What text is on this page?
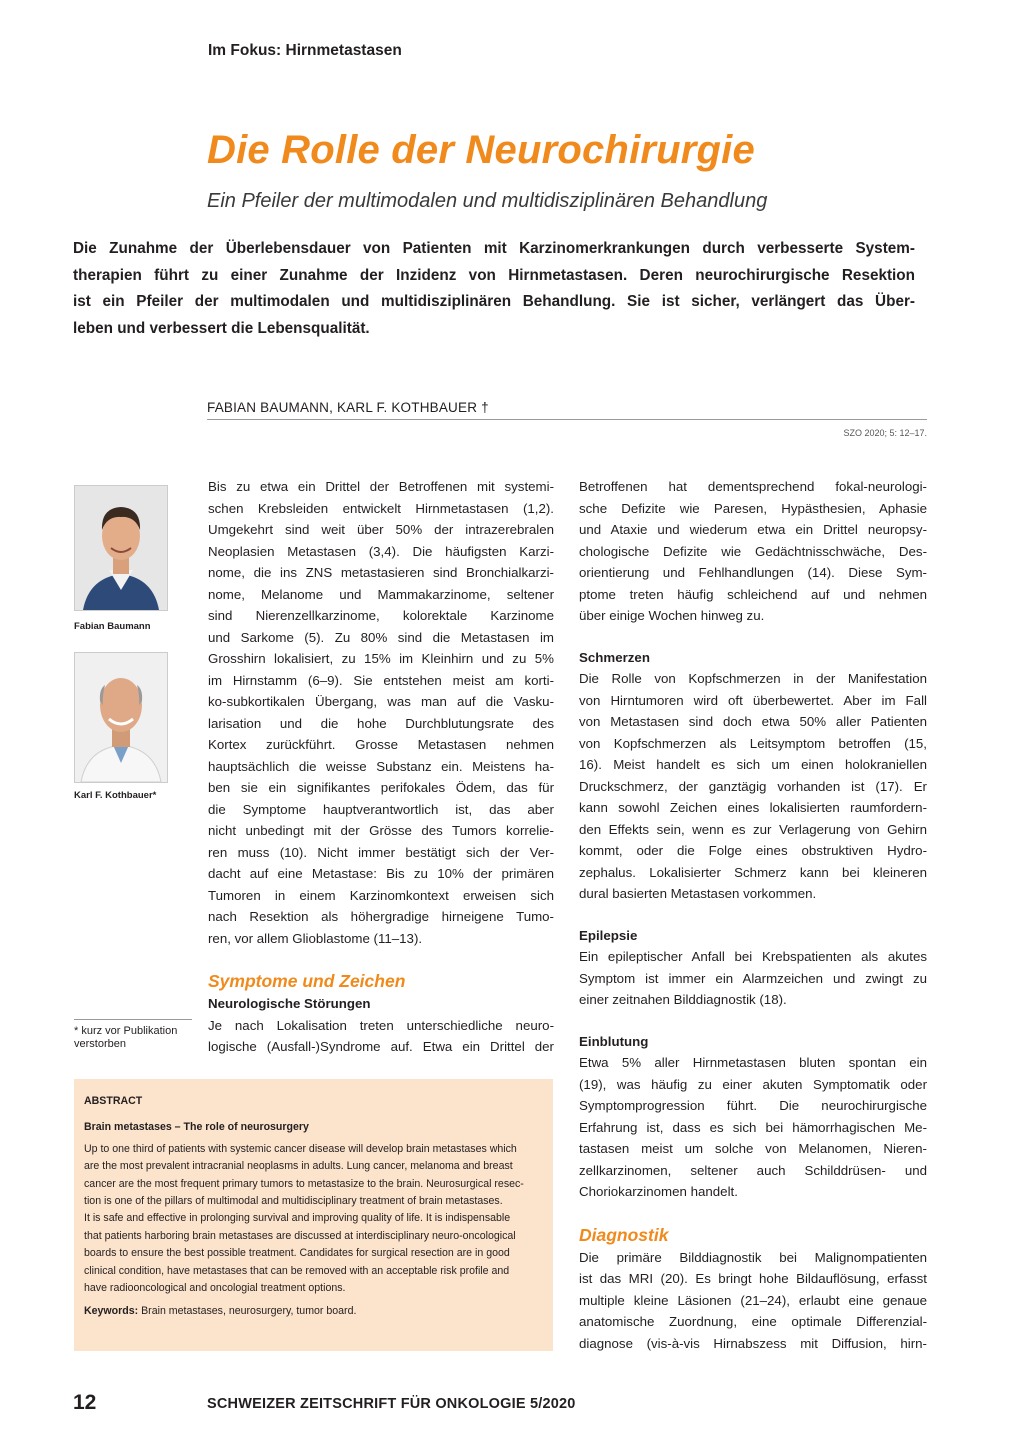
Im Fokus: Hirnmetastasen
Die Rolle der Neurochirurgie
Ein Pfeiler der multimodalen und multidisziplinären Behandlung
Die Zunahme der Überlebensdauer von Patienten mit Karzinomerkrankungen durch verbesserte System-
therapien führt zu einer Zunahme der Inzidenz von Hirnmetastasen. Deren neurochirurgische Resektion
ist ein Pfeiler der multimodalen und multidisziplinären Behandlung. Sie ist sicher, verlängert das Über-
leben und verbessert die Lebensqualität.
FABIAN BAUMANN, KARL F. KOTHBAUER †
SZO 2020; 5: 12–17.
Fabian Baumann
Karl F. Kothbauer*
* kurz vor Publikation
verstorben
Bis zu etwa ein Drittel der Betroffenen mit systemi-
schen Krebsleiden entwickelt Hirnmetastasen (1,2).
Umgekehrt sind weit über 50% der intrazerebralen
Neoplasien Metastasen (3,4). Die häufigsten Karzi-
nome, die ins ZNS metastasieren sind Bronchialkarzi-
nome, Melanome und Mammakarzinome, seltener
sind Nierenzellkarzinome, kolorektale Karzinome
und Sarkome (5). Zu 80% sind die Metastasen im
Grosshirn lokalisiert, zu 15% im Kleinhirn und zu 5%
im Hirnstamm (6–9). Sie entstehen meist am korti-
ko-subkortikalen Übergang, was man auf die Vasku-
larisation und die hohe Durchblutungsrate des
Kortex zurückführt. Grosse Metastasen nehmen
hauptsächlich die weisse Substanz ein. Meistens ha-
ben sie ein signifikantes perifokales Ödem, das für
die Symptome hauptverantwortlich ist, das aber
nicht unbedingt mit der Grösse des Tumors korrelie-
ren muss (10). Nicht immer bestätigt sich der Ver-
dacht auf eine Metastase: Bis zu 10% der primären
Tumoren in einem Karzinomkontext erweisen sich
nach Resektion als höhergradige hirneigene Tumo-
ren, vor allem Glioblastome (11–13).
Symptome und Zeichen
Neurologische Störungen
Je nach Lokalisation treten unterschiedliche neuro-
logische (Ausfall-)Syndrome auf. Etwa ein Drittel der
Betroffenen hat dementsprechend fokal-neurologi-
sche Defizite wie Paresen, Hypästhesien, Aphasie
und Ataxie und wiederum etwa ein Drittel neuropsy-
chologische Defizite wie Gedächtnisschwäche, Des-
orientierung und Fehlhandlungen (14). Diese Sym-
ptome treten häufig schleichend auf und nehmen
über einige Wochen hinweg zu.
Schmerzen
Die Rolle von Kopfschmerzen in der Manifestation
von Hirntumoren wird oft überbewertet. Aber im Fall
von Metastasen sind doch etwa 50% aller Patienten
von Kopfschmerzen als Leitsymptom betroffen (15,
16). Meist handelt es sich um einen holokraniellen
Druckschmerz, der ganztägig vorhanden ist (17). Er
kann sowohl Zeichen eines lokalisierten raumfordern-
den Effekts sein, wenn es zur Verlagerung von Gehirn
kommt, oder die Folge eines obstruktiven Hydro-
zephalus. Lokalisierter Schmerz kann bei kleineren
dural basierten Metastasen vorkommen.
Epilepsie
Ein epileptischer Anfall bei Krebspatienten als akutes
Symptom ist immer ein Alarmzeichen und zwingt zu
einer zeitnahen Bilddiagnostik (18).
Einblutung
Etwa 5% aller Hirnmetastasen bluten spontan ein
(19), was häufig zu einer akuten Symptomatik oder
Symptomprogression führt. Die neurochirurgische
Erfahrung ist, dass es sich bei hämorrhagischen Me-
tastasen meist um solche von Melanomen, Nieren-
zellkarzinomen, seltener auch Schilddrüsen- und
Choriokarzinomen handelt.
Diagnostik
Die primäre Bilddiagnostik bei Malignompatienten
ist das MRI (20). Es bringt hohe Bildauflösung, erfasst
multiple kleine Läsionen (21–24), erlaubt eine genaue
anatomische Zuordnung, eine optimale Differenzial-
diagnose (vis-à-vis Hirnabszess mit Diffusion, hirn-
ABSTRACT
Brain metastases – The role of neurosurgery
Up to one third of patients with systemic cancer disease will develop brain metastases which
are the most prevalent intracranial neoplasms in adults. Lung cancer, melanoma and breast
cancer are the most frequent primary tumors to metastasize to the brain. Neurosurgical resec-
tion is one of the pillars of multimodal and multidisciplinary treatment of brain metastases.
It is safe and effective in prolonging survival and improving quality of life. It is indispensable
that patients harboring brain metastases are discussed at interdisciplinary neuro-oncological
boards to ensure the best possible treatment. Candidates for surgical resection are in good
clinical condition, have metastases that can be removed with an acceptable risk profile and
have radiooncological and oncologial treatment options.
Keywords: Brain metastases, neurosurgery, tumor board.
12	SCHWEIZER ZEITSCHRIFT FÜR ONKOLOGIE 5/2020
